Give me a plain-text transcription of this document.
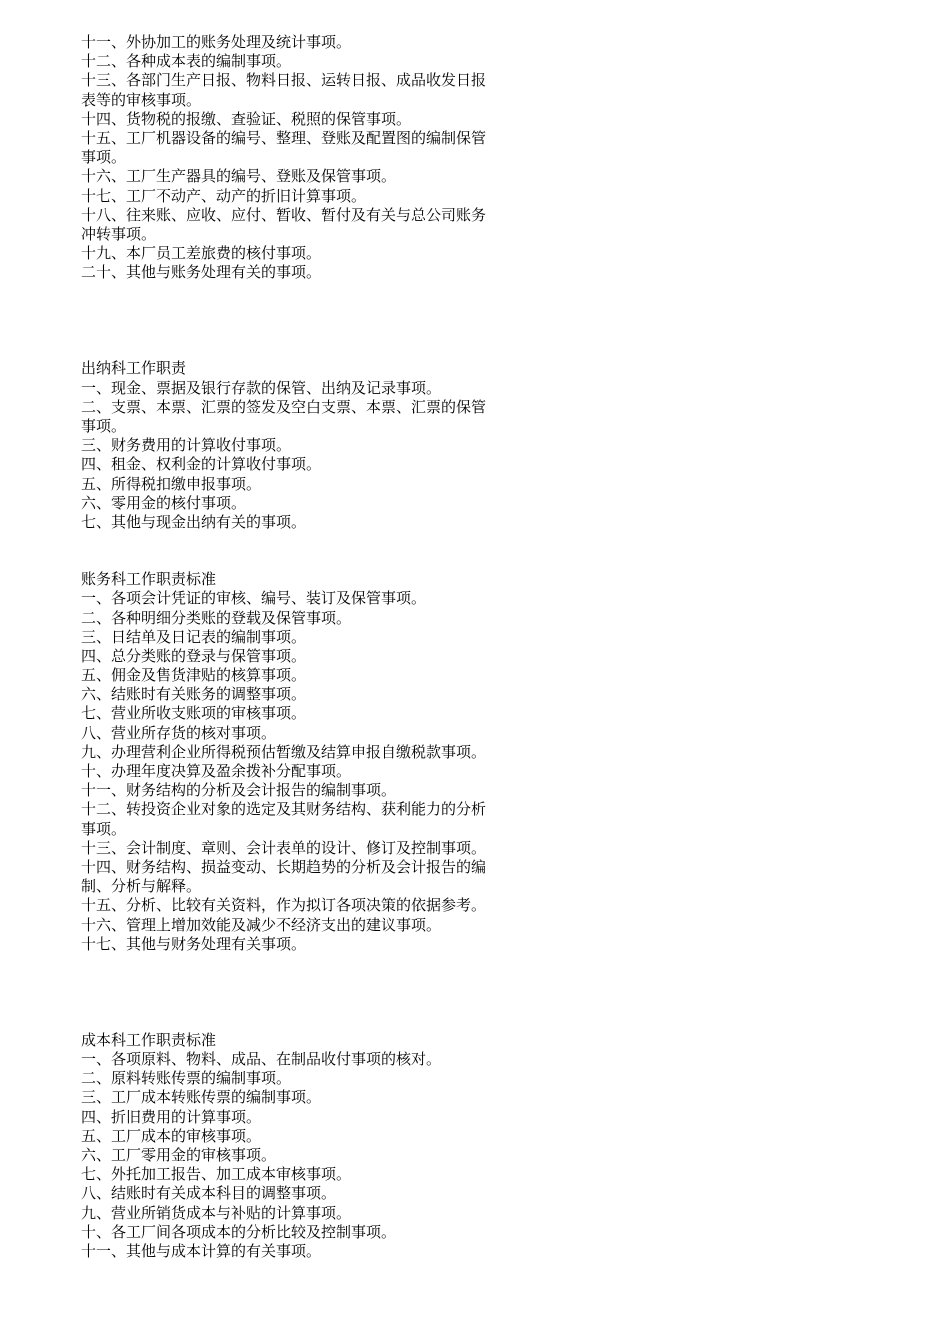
十一、外协加工的账务处理及统计事项。
十二、各种成本表的编制事项。
十三、各部门生产日报、物料日报、运转日报、成品收发日报
表等的审核事项。
十四、货物税的报缴、查验证、税照的保管事项。
十五、工厂机器设备的编号、整理、登账及配置图的编制保管
事项。
十六、工厂生产器具的编号、登账及保管事项。
十七、工厂不动产、动产的折旧计算事项。
十八、往来账、应收、应付、暂收、暂付及有关与总公司账务
冲转事项。
十九、本厂员工差旅费的核付事项。
二十、其他与账务处理有关的事项。
出纳科工作职责
一、现金、票据及银行存款的保管、出纳及记录事项。
二、支票、本票、汇票的签发及空白支票、本票、汇票的保管
事项。
三、财务费用的计算收付事项。
四、租金、权利金的计算收付事项。
五、所得税扣缴申报事项。
六、零用金的核付事项。
七、其他与现金出纳有关的事项。
账务科工作职责标准
一、各项会计凭证的审核、编号、装订及保管事项。
二、各种明细分类账的登载及保管事项。
三、日结单及日记表的编制事项。
四、总分类账的登录与保管事项。
五、佣金及售货津贴的核算事项。
六、结账时有关账务的调整事项。
七、营业所收支账项的审核事项。
八、营业所存货的核对事项。
九、办理营利企业所得税预估暂缴及结算申报自缴税款事项。
十、办理年度决算及盈余拨补分配事项。
十一、财务结构的分析及会计报告的编制事项。
十二、转投资企业对象的选定及其财务结构、获利能力的分析
事项。
十三、会计制度、章则、会计表单的设计、修订及控制事项。
十四、财务结构、损益变动、长期趋势的分析及会计报告的编
制、分析与解释。
十五、分析、比较有关资料，作为拟订各项决策的依据参考。
十六、管理上增加效能及减少不经济支出的建议事项。
十七、其他与财务处理有关事项。
成本科工作职责标准
一、各项原料、物料、成品、在制品收付事项的核对。
二、原料转账传票的编制事项。
三、工厂成本转账传票的编制事项。
四、折旧费用的计算事项。
五、工厂成本的审核事项。
六、工厂零用金的审核事项。
七、外托加工报告、加工成本审核事项。
八、结账时有关成本科目的调整事项。
九、营业所销货成本与补贴的计算事项。
十、各工厂间各项成本的分析比较及控制事项。
十一、其他与成本计算的有关事项。
